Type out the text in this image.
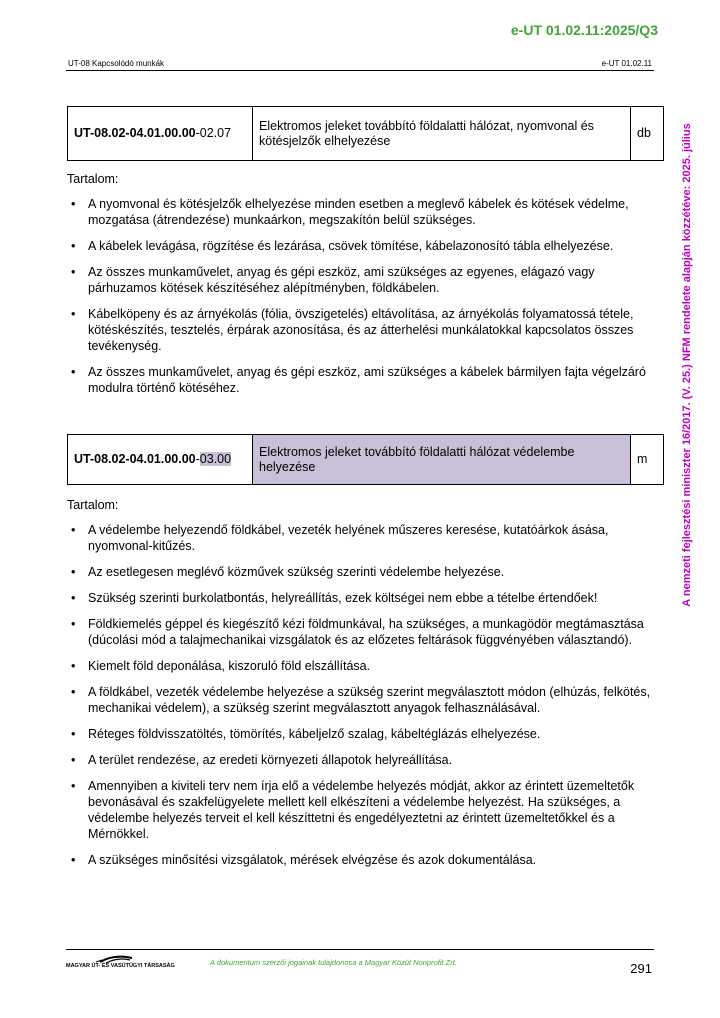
e-UT 01.02.11:2025/Q3
UT-08 Kapcsolódó munkák	e-UT 01.02.11
A nemzeti fejlesztési miniszter 16/2017. (V. 25.) NFM rendelete alapján közzétéve: 2025. július
UT-08.02-04.01.00.00-02.07	Elektromos jeleket továbbító földalatti hálózat, nyomvonal és kötésjelzők elhelyezése	db
Tartalom:
• A nyomvonal és kötésjelzők elhelyezése minden esetben a meglevő kábelek és kötések védelme, mozgatása (átrendezése) munkaárkon, megszakítón belül szükséges.
• A kábelek levágása, rögzítése és lezárása, csövek tömítése, kábelazonosító tábla elhelyezése.
• Az összes munkaművelet, anyag és gépi eszköz, ami szükséges az egyenes, elágazó vagy párhuzamos kötések készítéséhez alépítményben, földkábelen.
• Kábelköpeny és az árnyékolás (fólia, övszigetelés) eltávolítása, az árnyékolás folyamatossá tétele, kötéskészítés, tesztelés, érpárak azonosítása, és az átterhelési munkálatokkal kapcsolatos összes tevékenység.
• Az összes munkaművelet, anyag és gépi eszköz, ami szükséges a kábelek bármilyen fajta végelzáró modulra történő kötéséhez.
UT-08.02-04.01.00.00-03.00	Elektromos jeleket továbbító földalatti hálózat védelembe helyezése	m
Tartalom:
• A védelembe helyezendő földkábel, vezeték helyének műszeres keresése, kutatóárkok ásása, nyomvonal-kitűzés.
• Az esetlegesen meglévő közművek szükség szerinti védelembe helyezése.
• Szükség szerinti burkolatbontás, helyreállítás, ezek költségei nem ebbe a tételbe értendőek!
• Földkiemelés géppel és kiegészítő kézi földmunkával, ha szükséges, a munkagödör megtámasztása (dúcolási mód a talajmechanikai vizsgálatok és az előzetes feltárások függvényében választandó).
• Kiemelt föld deponálása, kiszoruló föld elszállítása.
• A földkábel, vezeték védelembe helyezése a szükség szerint megválasztott módon (elhúzás, felkötés, mechanikai védelem), a szükség szerint megválasztott anyagok felhasználásával.
• Réteges földvisszatöltés, tömörítés, kábeljelző szalag, kábeltéglázás elhelyezése.
• A terület rendezése, az eredeti környezeti állapotok helyreállítása.
• Amennyiben a kiviteli terv nem írja elő a védelembe helyezés módját, akkor az érintett üzemeltetők bevonásával és szakfelügyelete mellett kell elkészíteni a védelembe helyezést. Ha szükséges, a védelembe helyezés terveit el kell készíttetni és engedélyeztetni az érintett üzemeltetőkkel és a Mérnökkel.
• A szükséges minősítési vizsgálatok, mérések elvégzése és azok dokumentálása.
MAGYAR ÚT- ÉS VASÚTÜGYI TÁRSASÁG	A dokumentum szerzői jogainak tulajdonosa a Magyar Közút Nonprofit Zrt.	291
